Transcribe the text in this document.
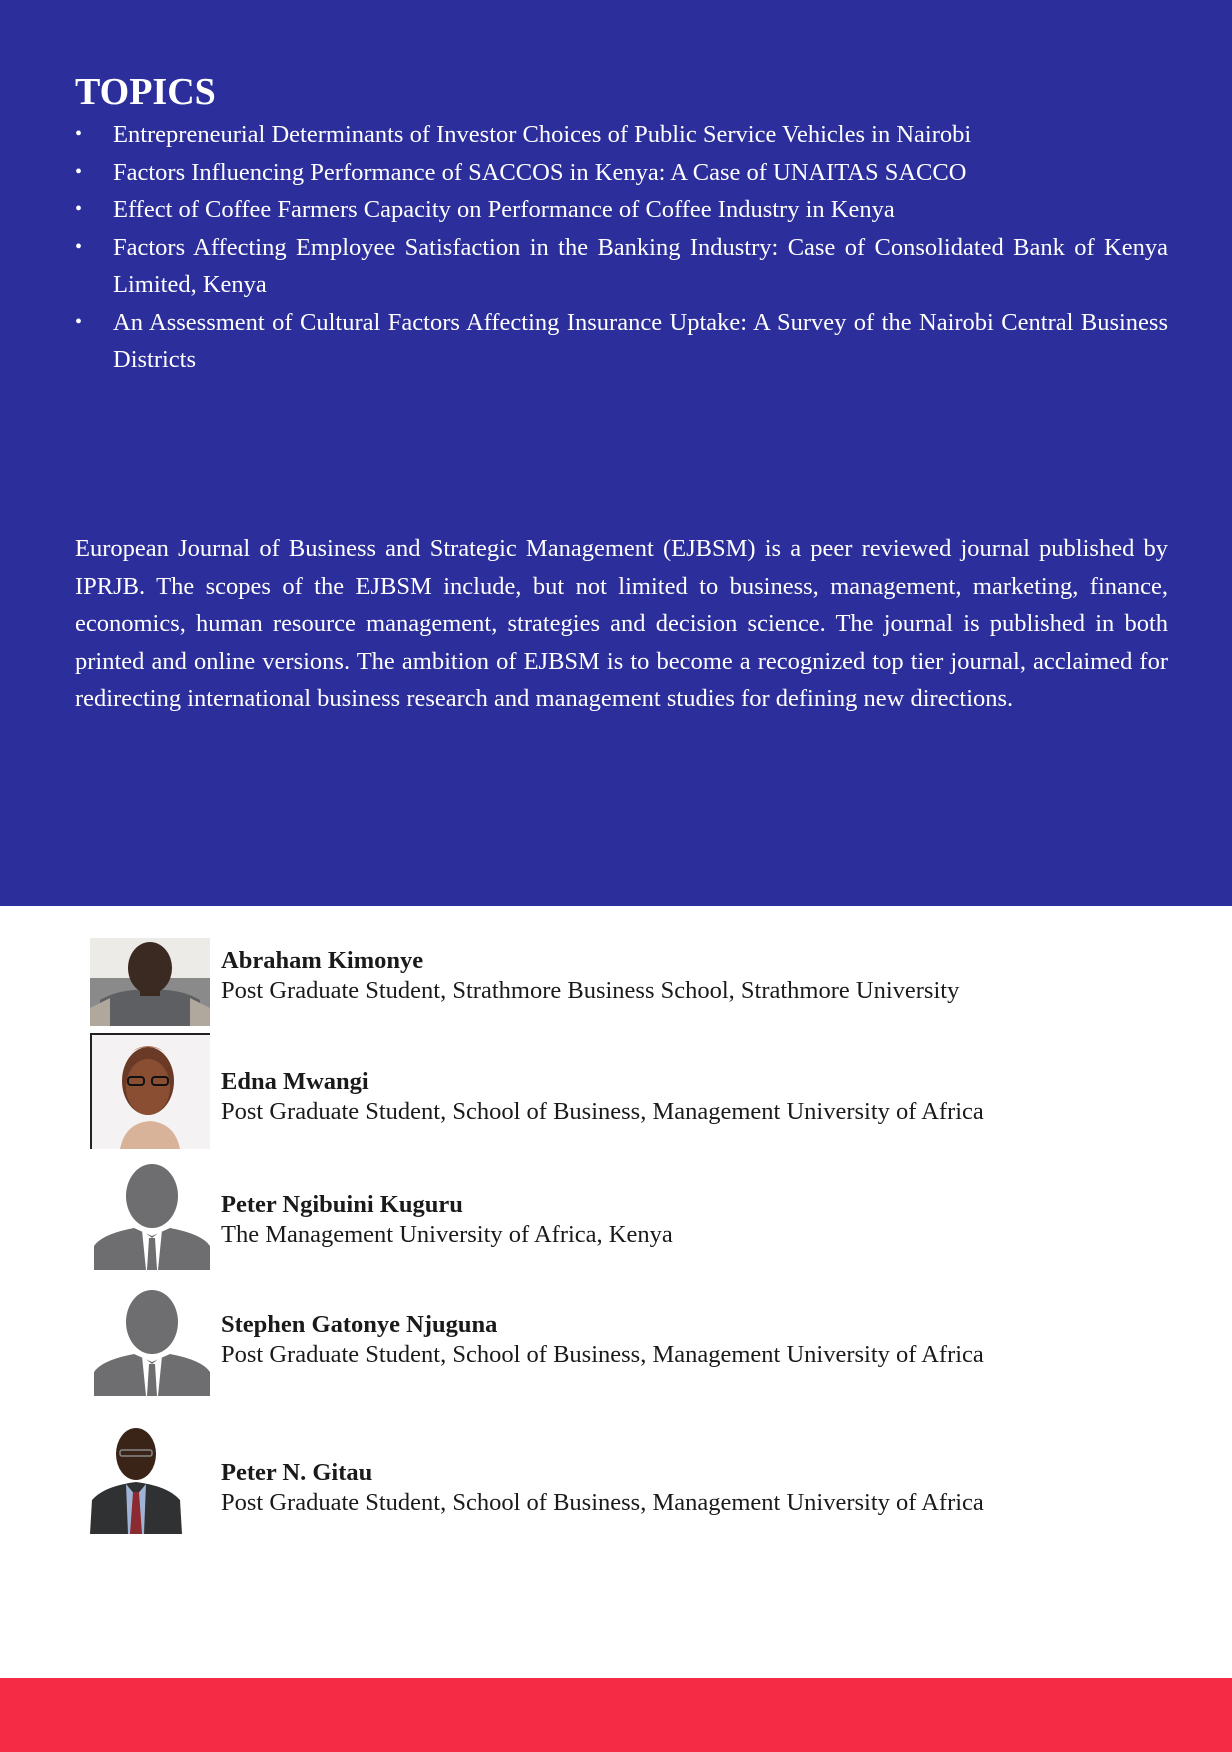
TOPICS
• Entrepreneurial Determinants of Investor Choices of Public Service Vehicles in Nairobi
• Factors Influencing Performance of SACCOS in Kenya: A Case of UNAITAS SACCO
• Effect of Coffee Farmers Capacity on Performance of Coffee Industry in Kenya
• Factors Affecting Employee Satisfaction in the Banking Industry: Case of Consolidated Bank of Kenya Limited, Kenya
• An Assessment of Cultural Factors Affecting Insurance Uptake: A Survey of the Nairobi Central Business Districts

European Journal of Business and Strategic Management (EJBSM) is a peer reviewed journal published by IPRJB. The scopes of the EJBSM include, but not limited to business, management, marketing, finance, economics, human resource management, strategies and decision science. The journal is published in both printed and online versions. The ambition of EJBSM is to become a recognized top tier journal, acclaimed for redirecting international business research and management studies for defining new directions.

Abraham Kimonye

Post Graduate Student, Strathmore Business School, Strathmore University

Edna Mwangi

Post Graduate Student, School of Business, Management University of Africa

Peter Ngibuini Kuguru

The Management University of Africa, Kenya

Stephen Gatonye Njuguna

Post Graduate Student, School of Business, Management University of Africa

Peter N. Gitau

Post Graduate Student, School of Business, Management University of Africa
